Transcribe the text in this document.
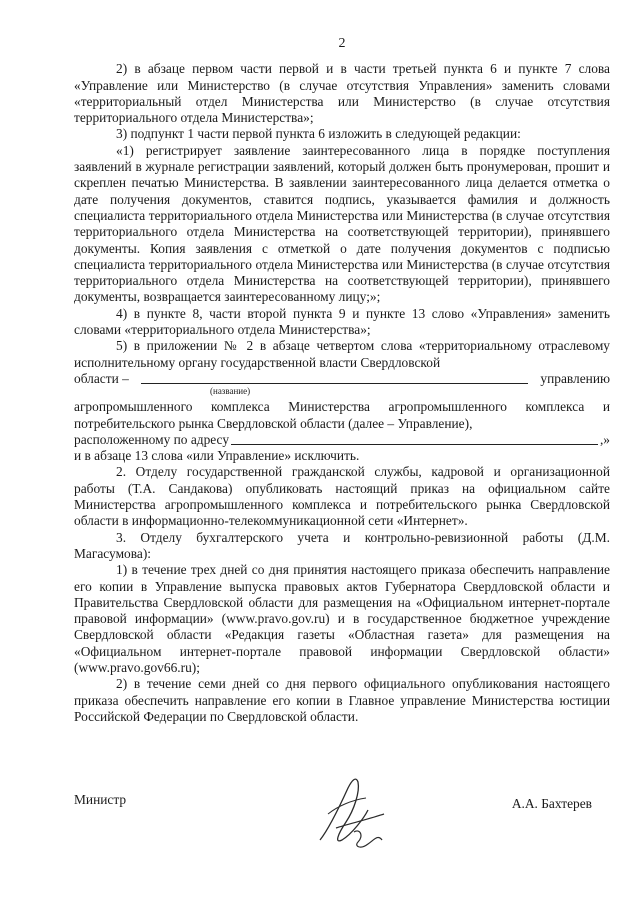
2

2) в абзаце первом части первой и в части третьей пункта 6 и пункте 7 слова «Управление или Министерство (в случае отсутствия Управления» заменить словами «территориальный отдел Министерства или Министерство (в случае отсутствия территориального отдела Министерства»;

3) подпункт 1 части первой пункта 6 изложить в следующей редакции:

«1) регистрирует заявление заинтересованного лица в порядке поступления заявлений в журнале регистрации заявлений, который должен быть пронумерован, прошит и скреплен печатью Министерства. В заявлении заинтересованного лица делается отметка о дате получения документов, ставится подпись, указывается фамилия и должность специалиста территориального отдела Министерства или Министерства (в случае отсутствия территориального отдела Министерства на соответствующей территории), принявшего документы. Копия заявления с отметкой о дате получения документов с подписью специалиста территориального отдела Министерства или Министерства (в случае отсутствия территориального отдела Министерства на соответствующей территории), принявшего документы, возвращается заинтересованному лицу;»;

4) в пункте 8, части второй пункта 9 и пункте 13 слово «Управления» заменить словами «территориального отдела Министерства»;

5) в приложении № 2 в абзаце четвертом слова «территориальному отраслевому исполнительному органу государственной власти Свердловской

области –	управлению
(название)

агропромышленного комплекса Министерства агропромышленного комплекса и потребительского рынка Свердловской области (далее – Управление),

расположенному по адресу	,»

и в абзаце 13 слова «или Управление» исключить.

2. Отделу государственной гражданской службы, кадровой и организационной работы (Т.А. Сандакова) опубликовать настоящий приказ на официальном сайте Министерства агропромышленного комплекса и потребительского рынка Свердловской области в информационно-телекоммуникационной сети «Интернет».

3. Отделу бухгалтерского учета и контрольно-ревизионной работы (Д.М. Магасумова):

1) в течение трех дней со дня принятия настоящего приказа обеспечить направление его копии в Управление выпуска правовых актов Губернатора Свердловской области и Правительства Свердловской области для размещения на «Официальном интернет-портале правовой информации» (www.pravo.gov.ru) и в государственное бюджетное учреждение Свердловской области «Редакция газеты «Областная газета» для размещения на «Официальном интернет-портале правовой информации Свердловской области» (www.pravo.gov66.ru);

2) в течение семи дней со дня первого официального опубликования настоящего приказа обеспечить направление его копии в Главное управление Министерства юстиции Российской Федерации по Свердловской области.

Министр	А.А. Бахтерев
